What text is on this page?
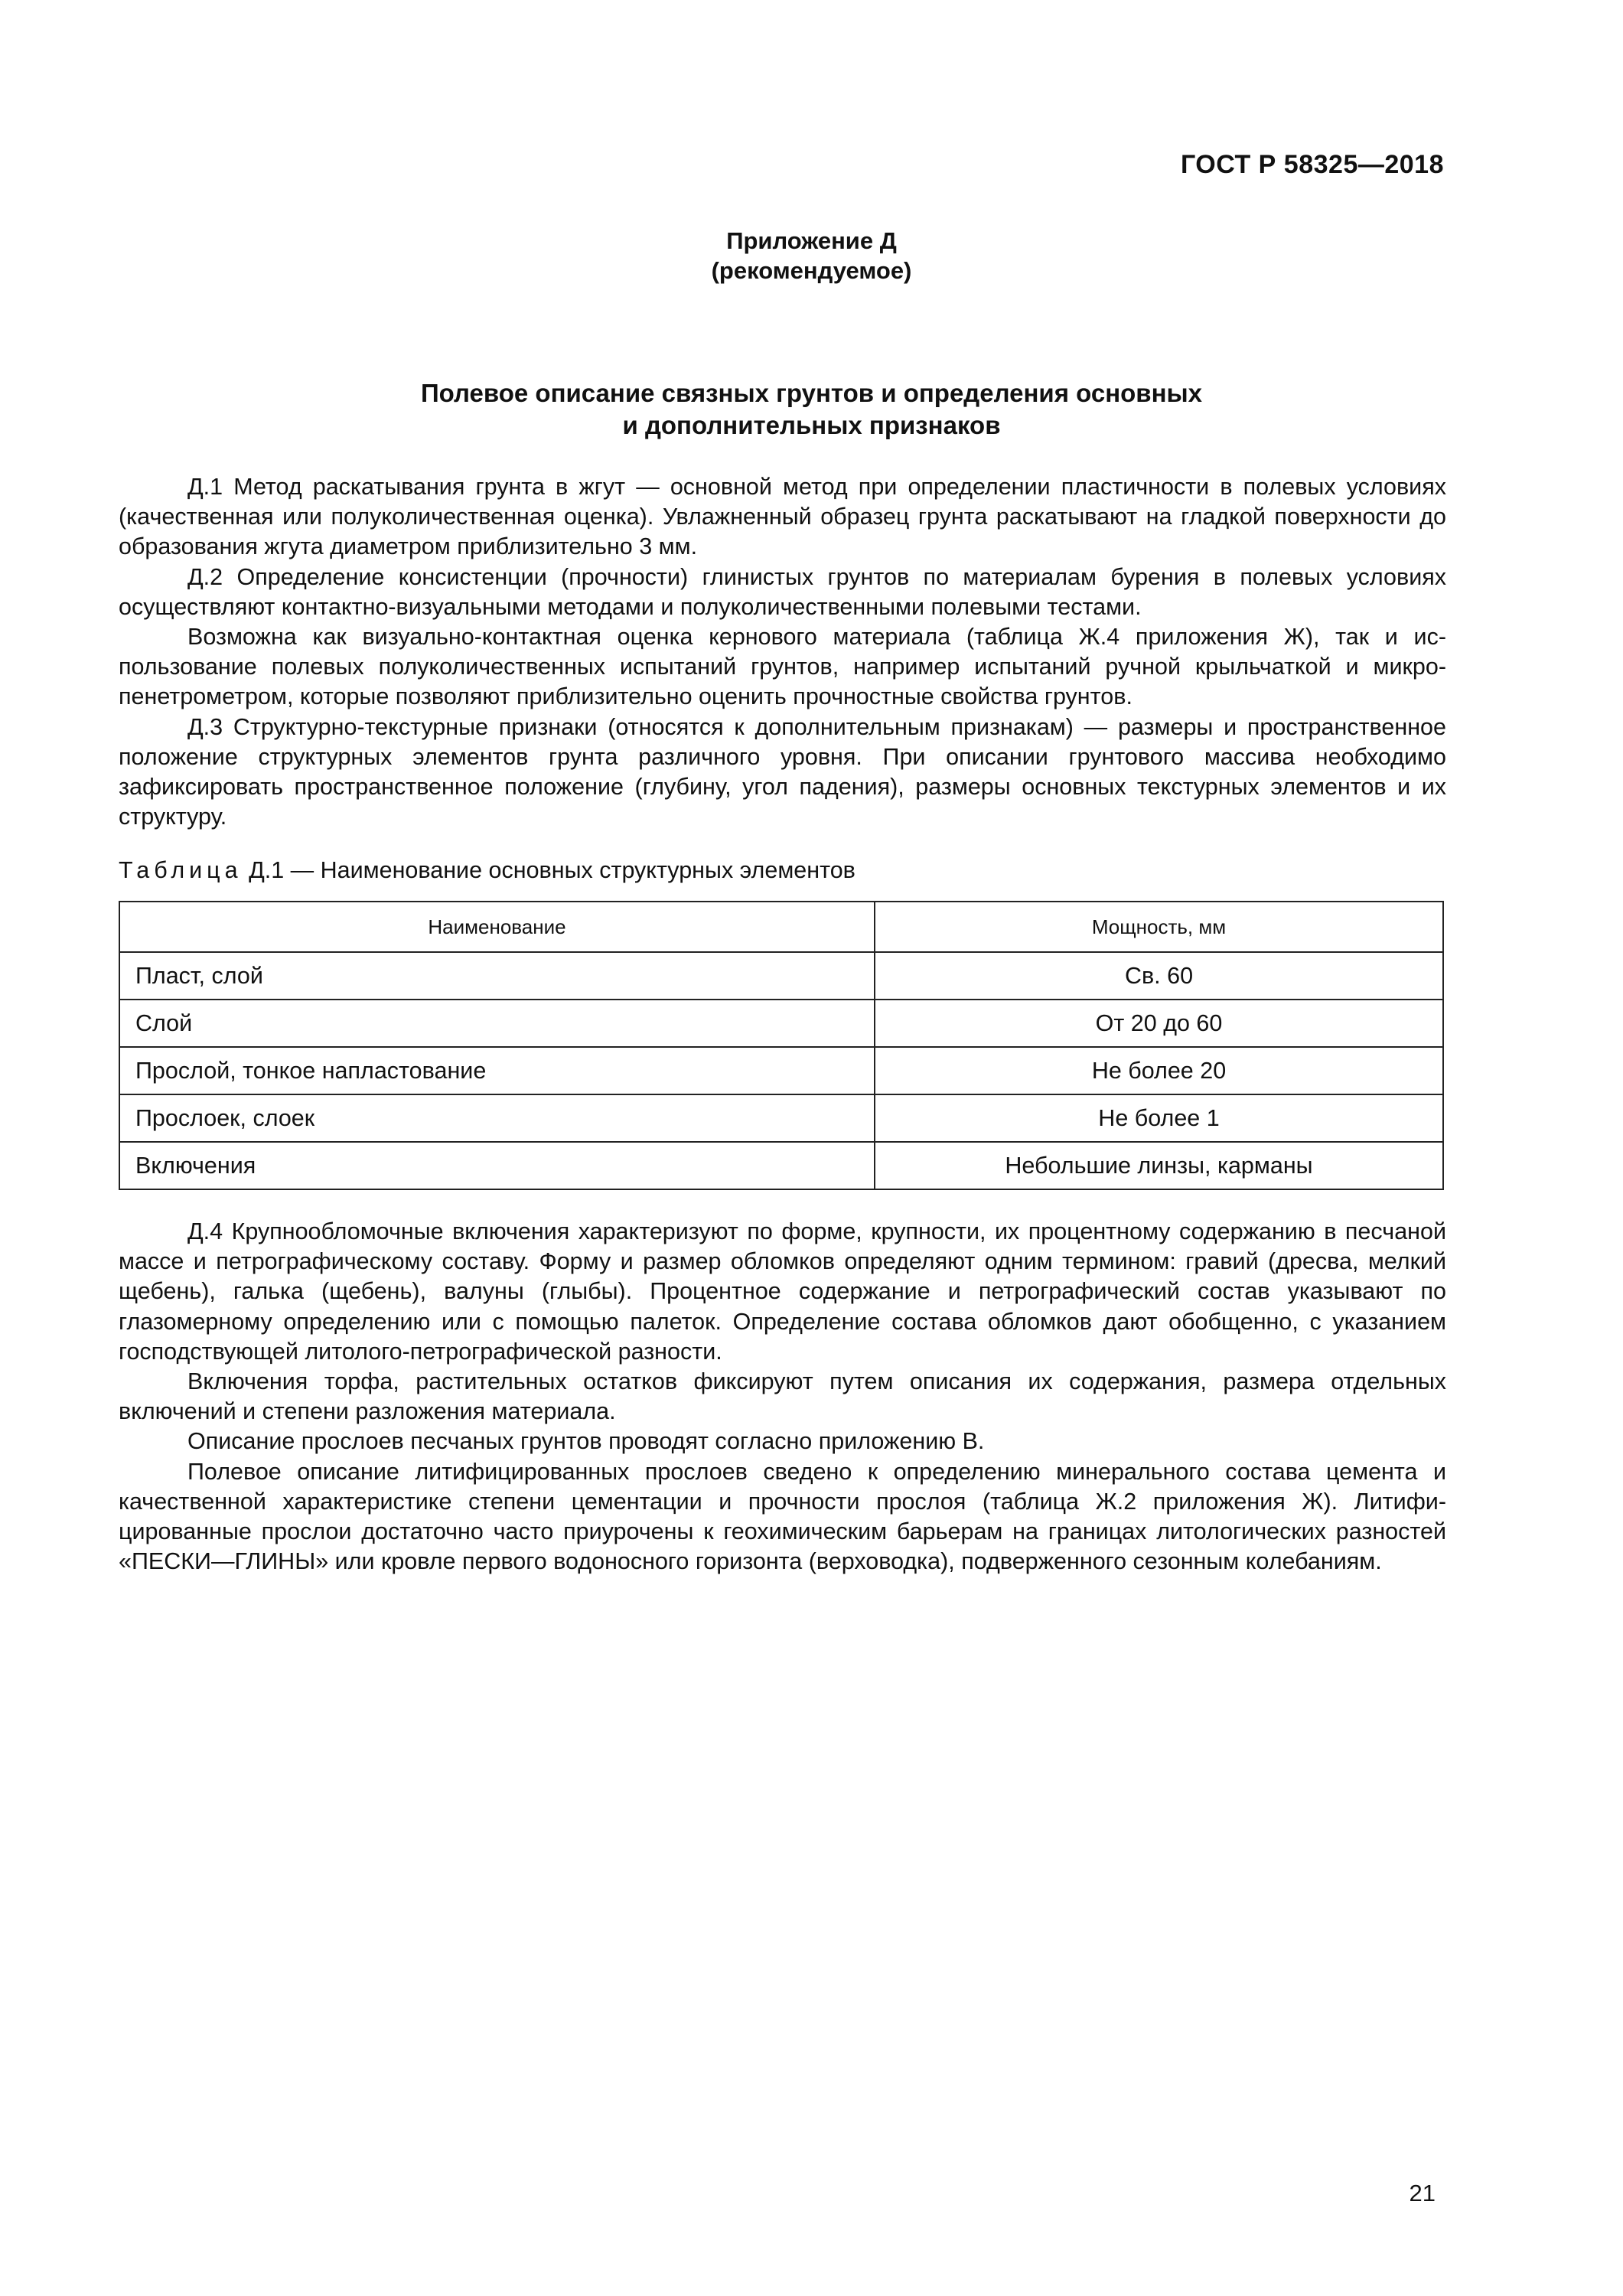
ГОСТ Р 58325—2018
Приложение Д
(рекомендуемое)
Полевое описание связных грунтов и определения основных
и дополнительных признаков

Д.1 Метод раскатывания грунта в жгут — основной метод при определении пластичности в полевых условиях (качественная или полуколичественная оценка). Увлажненный образец грунта раскатывают на гладкой поверхности до образования жгута диаметром приблизительно 3 мм.

Д.2 Определение консистенции (прочности) глинистых грунтов по материалам бурения в полевых условиях осуществляют контактно-визуальными методами и полуколичественными полевыми тестами.

Возможна как визуально-контактная оценка кернового материала (таблица Ж.4 приложения Ж), так и использование полевых полуколичественных испытаний грунтов, например испытаний ручной крыльчаткой и микропенетрометром, которые позволяют приблизительно оценить прочностные свойства грунтов.

Д.3 Структурно-текстурные признаки (относятся к дополнительным признакам) — размеры и пространственное положение структурных элементов грунта различного уровня. При описании грунтового массива необходимо зафиксировать пространственное положение (глубину, угол падения), размеры основных текстурных элементов и их структуру.

Таблица Д.1 — Наименование основных структурных элементов
Наименование	Мощность, мм
Пласт, слой	Св. 60
Слой	От 20 до 60
Прослой, тонкое напластование	Не более 20
Прослоек, слоек	Не более 1
Включения	Небольшие линзы, карманы

Д.4 Крупнообломочные включения характеризуют по форме, крупности, их процентному содержанию в песчаной массе и петрографическому составу. Форму и размер обломков определяют одним термином: гравий (дресва, мелкий щебень), галька (щебень), валуны (глыбы). Процентное содержание и петрографический состав указывают по глазомерному определению или с помощью палеток. Определение состава обломков дают обобщенно, с указанием господствующей литолого-петрографической разности.

Включения торфа, растительных остатков фиксируют путем описания их содержания, размера отдельных включений и степени разложения материала.

Описание прослоев песчаных грунтов проводят согласно приложению В.

Полевое описание литифицированных прослоев сведено к определению минерального состава цемента и качественной характеристике степени цементации и прочности прослоя (таблица Ж.2 приложения Ж). Литифицированные прослои достаточно часто приурочены к геохимическим барьерам на границах литологических разностей «ПЕСКИ—ГЛИНЫ» или кровле первого водоносного горизонта (верховодка), подверженного сезонным колебаниям.

21
